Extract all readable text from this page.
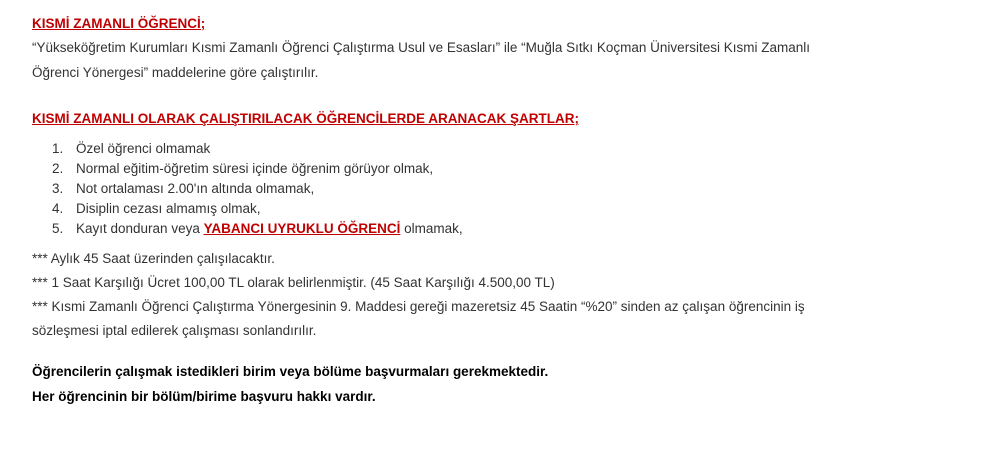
KISMİ ZAMANLI ÖĞRENCİ;

“Yükseköğretim Kurumları Kısmi Zamanlı Öğrenci Çalıştırma Usul ve Esasları” ile “Muğla Sıtkı Koçman Üniversitesi Kısmi Zamanlı

Öğrenci Yönergesi” maddelerine göre çalıştırılır.

KISMİ ZAMANLI OLARAK ÇALIŞTIRILACAK ÖĞRENCİLERDE ARANACAK ŞARTLAR;
1. Özel öğrenci olmamak
2. Normal eğitim-öğretim süresi içinde öğrenim görüyor olmak,
3. Not ortalaması 2.00'ın altında olmamak,
4. Disiplin cezası almamış olmak,
5. Kayıt donduran veya YABANCI UYRUKLU ÖĞRENCİ olmamak,
*** Aylık 45 Saat üzerinden çalışılacaktır.
*** 1 Saat Karşılığı Ücret 100,00 TL olarak belirlenmiştir. (45 Saat Karşılığı 4.500,00 TL)
*** Kısmi Zamanlı Öğrenci Çalıştırma Yönergesinin 9. Maddesi gereği mazeretsiz 45 Saatin “%20” sinden az çalışan öğrencinin iş
sözleşmesi iptal edilerek çalışması sonlandırılır.
Öğrencilerin çalışmak istedikleri birim veya bölüme başvurmaları gerekmektedir.
Her öğrencinin bir bölüm/birime başvuru hakkı vardır.
